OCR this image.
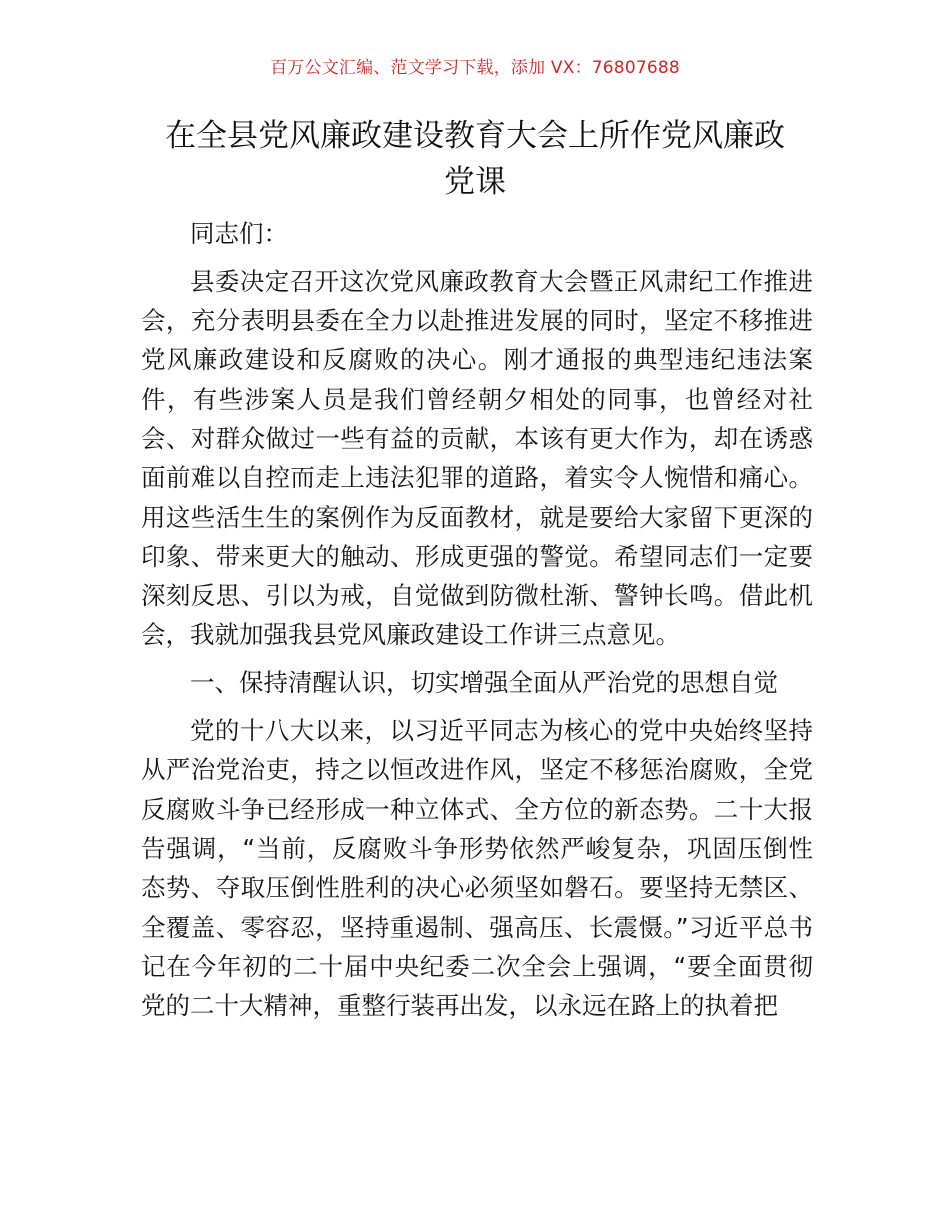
百万公文汇编、范文学习下载，添加 VX：76807688
在全县党风廉政建设教育大会上所作党风廉政
党课

同志们：

县委决定召开这次党风廉政教育大会暨正风肃纪工作推进会，充分表明县委在全力以赴推进发展的同时，坚定不移推进党风廉政建设和反腐败的决心。刚才通报的典型违纪违法案件，有些涉案人员是我们曾经朝夕相处的同事，也曾经对社会、对群众做过一些有益的贡献，本该有更大作为，却在诱惑面前难以自控而走上违法犯罪的道路，着实令人惋惜和痛心。用这些活生生的案例作为反面教材，就是要给大家留下更深的印象、带来更大的触动、形成更强的警觉。希望同志们一定要深刻反思、引以为戒，自觉做到防微杜渐、警钟长鸣。借此机会，我就加强我县党风廉政建设工作讲三点意见。

一、保持清醒认识，切实增强全面从严治党的思想自觉

党的十八大以来，以习近平同志为核心的党中央始终坚持从严治党治吏，持之以恒改进作风，坚定不移惩治腐败，全党反腐败斗争已经形成一种立体式、全方位的新态势。二十大报告强调，“当前，反腐败斗争形势依然严峻复杂，巩固压倒性态势、夺取压倒性胜利的决心必须坚如磐石。要坚持无禁区、全覆盖、零容忍，坚持重遏制、强高压、长震慑。”习近平总书记在今年初的二十届中央纪委二次全会上强调，“要全面贯彻党的二十大精神，重整行装再出发，以永远在路上的执着把
